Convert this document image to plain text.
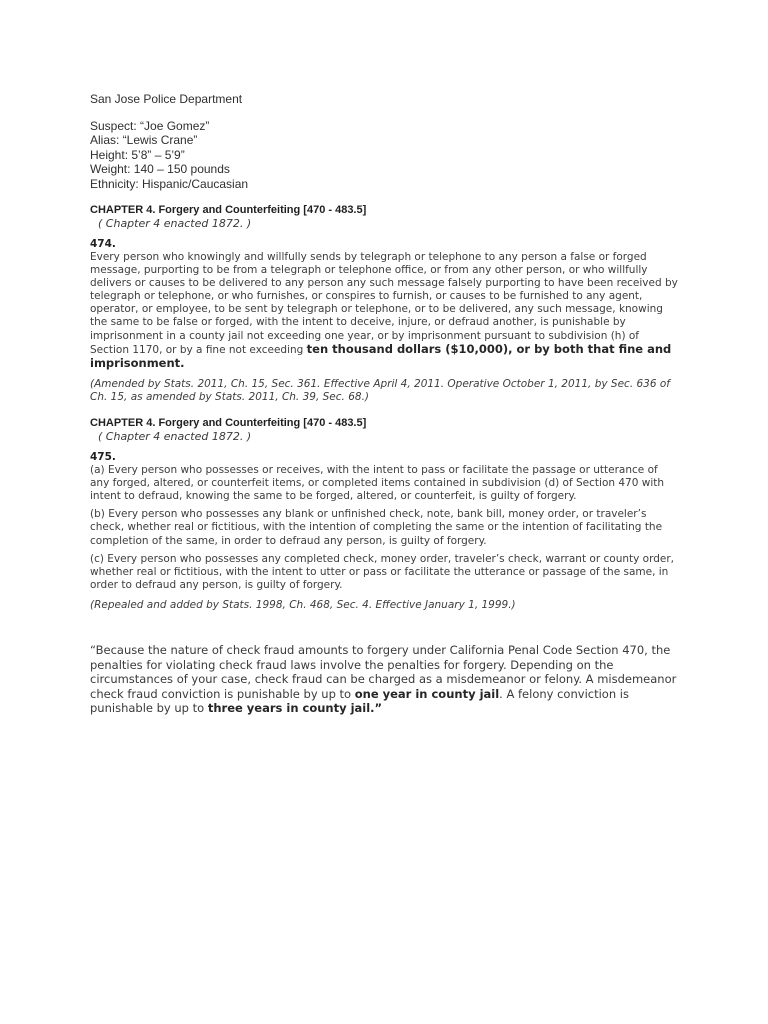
San Jose Police Department
Suspect: “Joe Gomez”
Alias: “Lewis Crane”
Height: 5’8” – 5’9”
Weight: 140 – 150 pounds
Ethnicity: Hispanic/Caucasian
CHAPTER 4. Forgery and Counterfeiting [470 - 483.5]
( Chapter 4 enacted 1872. )
474.

Every person who knowingly and willfully sends by telegraph or telephone to any person a false or forged message, purporting to be from a telegraph or telephone office, or from any other person, or who willfully delivers or causes to be delivered to any person any such message falsely purporting to have been received by telegraph or telephone, or who furnishes, or conspires to furnish, or causes to be furnished to any agent, operator, or employee, to be sent by telegraph or telephone, or to be delivered, any such message, knowing the same to be false or forged, with the intent to deceive, injure, or defraud another, is punishable by imprisonment in a county jail not exceeding one year, or by imprisonment pursuant to subdivision (h) of Section 1170, or by a fine not exceeding ten thousand dollars ($10,000), or by both that fine and imprisonment.

(Amended by Stats. 2011, Ch. 15, Sec. 361. Effective April 4, 2011. Operative October 1, 2011, by Sec. 636 of Ch. 15, as amended by Stats. 2011, Ch. 39, Sec. 68.)

CHAPTER 4. Forgery and Counterfeiting [470 - 483.5]
( Chapter 4 enacted 1872. )
475.

(a) Every person who possesses or receives, with the intent to pass or facilitate the passage or utterance of any forged, altered, or counterfeit items, or completed items contained in subdivision (d) of Section 470 with intent to defraud, knowing the same to be forged, altered, or counterfeit, is guilty of forgery.

(b) Every person who possesses any blank or unfinished check, note, bank bill, money order, or traveler’s check, whether real or fictitious, with the intention of completing the same or the intention of facilitating the completion of the same, in order to defraud any person, is guilty of forgery.

(c) Every person who possesses any completed check, money order, traveler’s check, warrant or county order, whether real or fictitious, with the intent to utter or pass or facilitate the utterance or passage of the same, in order to defraud any person, is guilty of forgery.

(Repealed and added by Stats. 1998, Ch. 468, Sec. 4. Effective January 1, 1999.)

“Because the nature of check fraud amounts to forgery under California Penal Code Section 470, the penalties for violating check fraud laws involve the penalties for forgery. Depending on the circumstances of your case, check fraud can be charged as a misdemeanor or felony. A misdemeanor check fraud conviction is punishable by up to one year in county jail. A felony conviction is punishable by up to three years in county jail.”
